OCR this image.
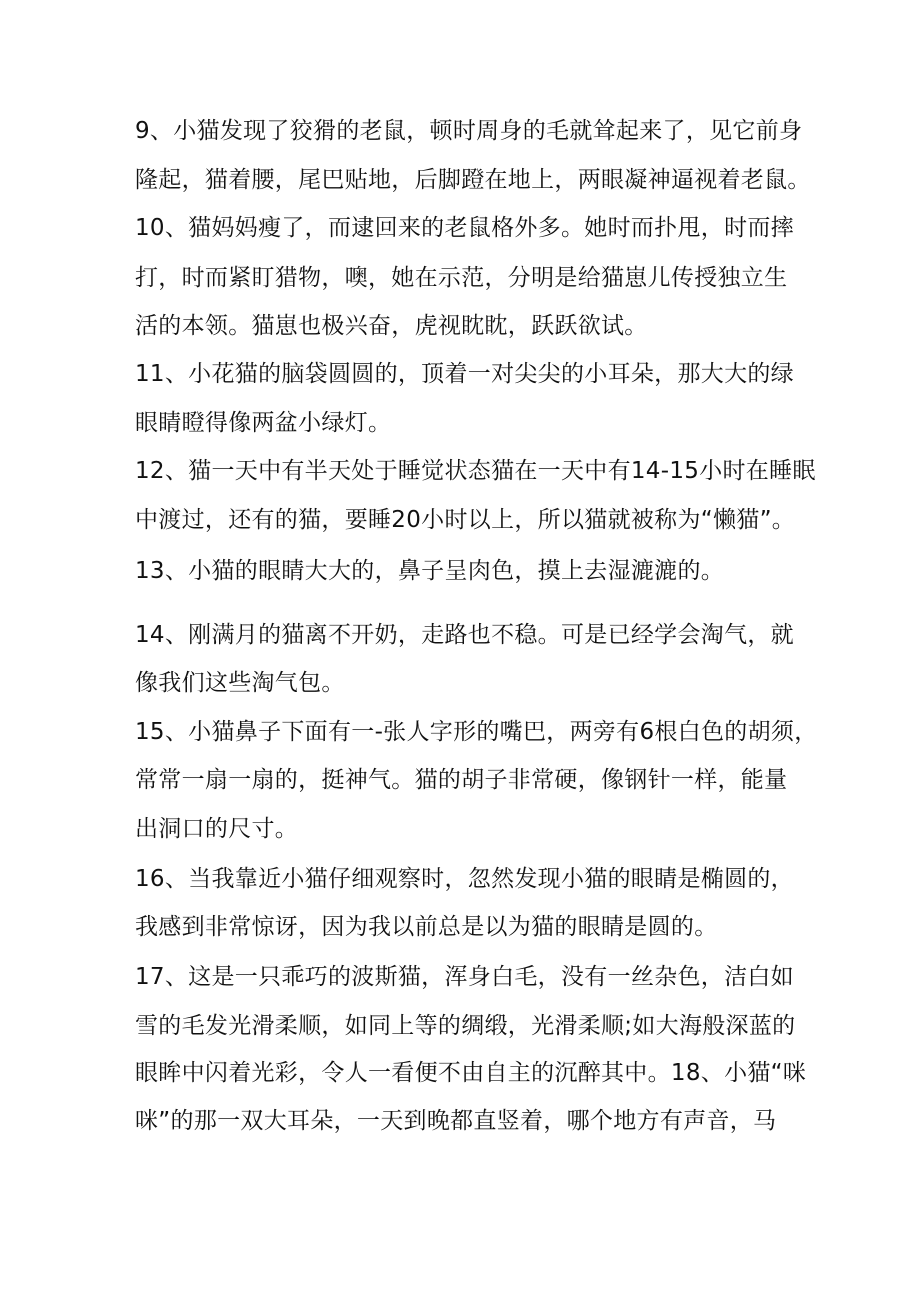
9、小猫发现了狡猾的老鼠，顿时周身的毛就耸起来了，见它前身

隆起，猫着腰，尾巴贴地，后脚蹬在地上，两眼凝神逼视着老鼠。

10、猫妈妈瘦了，而逮回来的老鼠格外多。她时而扑甩，时而摔

打，时而紧盯猎物，噢，她在示范，分明是给猫崽儿传授独立生

活的本领。猫崽也极兴奋，虎视眈眈，跃跃欲试。

11、小花猫的脑袋圆圆的，顶着一对尖尖的小耳朵，那大大的绿

眼睛瞪得像两盆小绿灯。

12、猫一天中有半天处于睡觉状态猫在一天中有14-15小时在睡眠

中渡过，还有的猫，要睡20小时以上，所以猫就被称为“懒猫”。

13、小猫的眼睛大大的，鼻子呈肉色，摸上去湿漉漉的。

14、刚满月的猫离不开奶，走路也不稳。可是已经学会淘气，就

像我们这些淘气包。

15、小猫鼻子下面有一-张人字形的嘴巴，两旁有6根白色的胡须，

常常一扇一扇的，挺神气。猫的胡子非常硬，像钢针一样，能量

出洞口的尺寸。

16、当我靠近小猫仔细观察时，忽然发现小猫的眼睛是椭圆的，

我感到非常惊讶，因为我以前总是以为猫的眼睛是圆的。

17、这是一只乖巧的波斯猫，浑身白毛，没有一丝杂色，洁白如

雪的毛发光滑柔顺，如同上等的绸缎，光滑柔顺;如大海般深蓝的

眼眸中闪着光彩，令人一看便不由自主的沉醉其中。18、小猫“咪

咪”的那一双大耳朵，一天到晚都直竖着，哪个地方有声音，马
